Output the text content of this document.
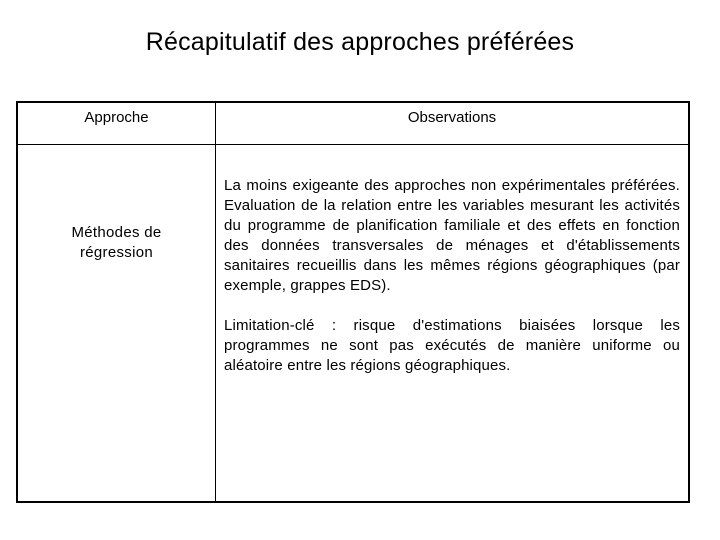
Récapitulatif des approches préférées
Approche	Observations
Méthodes de
régression

La moins exigeante des approches non expérimentales préférées. Evaluation de la relation entre les variables mesurant les activités du programme de planification familiale et des effets en fonction des données transversales de ménages et d'établissements sanitaires recueillis dans les mêmes régions géographiques (par exemple, grappes EDS).

Limitation-clé : risque d'estimations biaisées lorsque les programmes ne sont pas exécutés de manière uniforme ou aléatoire entre les régions géographiques.
